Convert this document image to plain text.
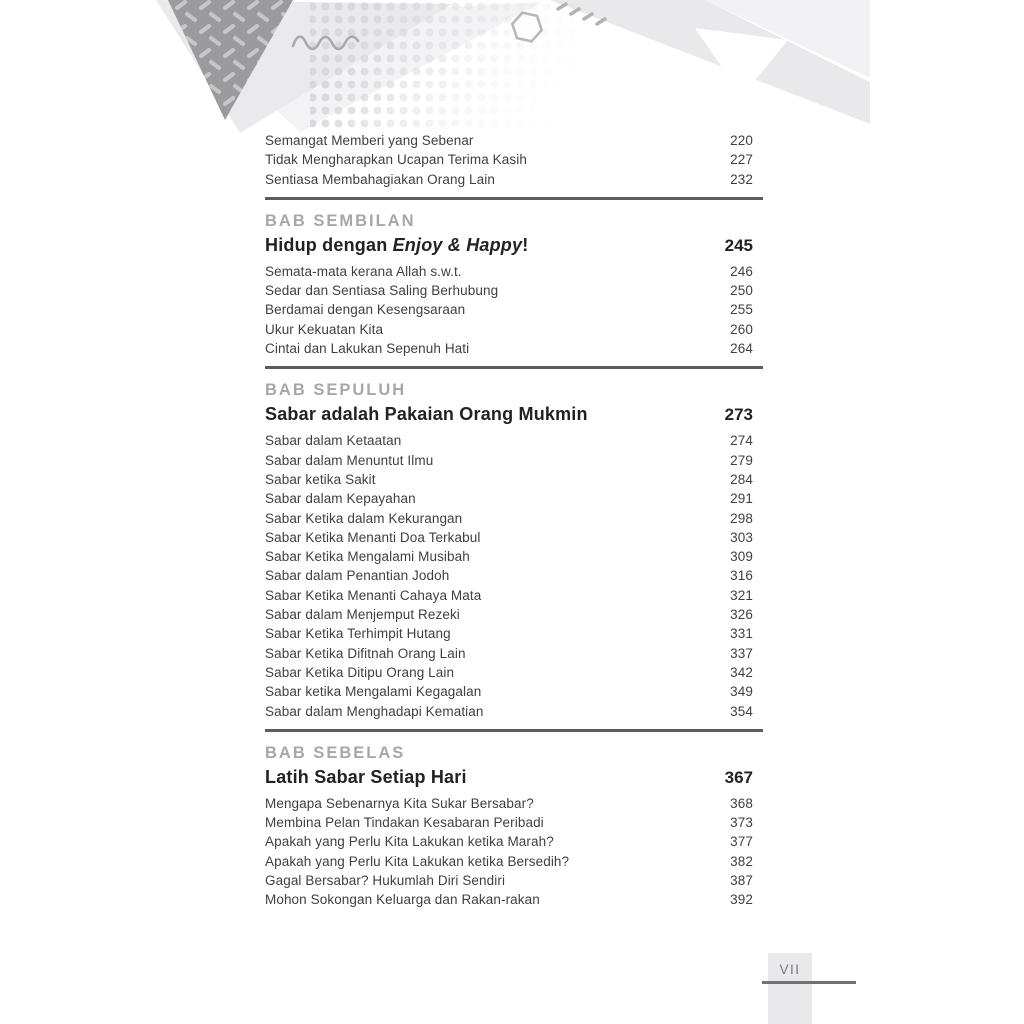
Semangat Memberi yang Sebenar	220
Tidak Mengharapkan Ucapan Terima Kasih	227
Sentiasa Membahagiakan Orang Lain	232
BAB SEMBILAN
Hidup dengan Enjoy & Happy!	245
Semata-mata kerana Allah s.w.t.	246
Sedar dan Sentiasa Saling Berhubung	250
Berdamai dengan Kesengsaraan	255
Ukur Kekuatan Kita	260
Cintai dan Lakukan Sepenuh Hati	264
BAB SEPULUH
Sabar adalah Pakaian Orang Mukmin	273
Sabar dalam Ketaatan	274
Sabar dalam Menuntut Ilmu	279
Sabar ketika Sakit	284
Sabar dalam Kepayahan	291
Sabar Ketika dalam Kekurangan	298
Sabar Ketika Menanti Doa Terkabul	303
Sabar Ketika Mengalami Musibah	309
Sabar dalam Penantian Jodoh	316
Sabar Ketika Menanti Cahaya Mata	321
Sabar dalam Menjemput Rezeki	326
Sabar Ketika Terhimpit Hutang	331
Sabar Ketika Difitnah Orang Lain	337
Sabar Ketika Ditipu Orang Lain	342
Sabar ketika Mengalami Kegagalan	349
Sabar dalam Menghadapi Kematian	354
BAB SEBELAS
Latih Sabar Setiap Hari	367
Mengapa Sebenarnya Kita Sukar Bersabar?	368
Membina Pelan Tindakan Kesabaran Peribadi	373
Apakah yang Perlu Kita Lakukan ketika Marah?	377
Apakah yang Perlu Kita Lakukan ketika Bersedih?	382
Gagal Bersabar? Hukumlah Diri Sendiri	387
Mohon Sokongan Keluarga dan Rakan-rakan	392
VII
